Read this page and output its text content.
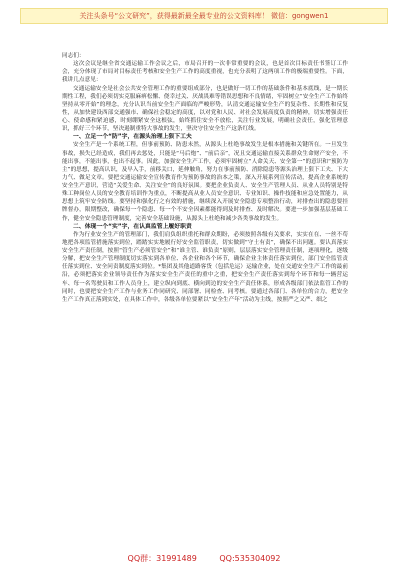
关注头条号“公文研究”，获得最新最全最专业的公文资料库！ 微信：gongwen1

同志们：

这次会议是继全省交通运输工作会议之后，市局召开的一次非常重要的会议，也是首次目标责任书签订工作会，充分体现了市局对目标责任考核和安全生产工作的高度重视，也充分表明了这两项工作的极端重要性。下面，我讲几点意见：

交通运输安全是社会公共安全管理工作的重要组成部分，也是做好一切工作的基础条件和基本底线，是一期长期性工程，我们必须切实克服麻痹松懈、侥幸过关、厌战畏难等错误思想和不良情绪，牢固树立“安全生产工作始终坚持从零开始”的理念，充分认识当前安全生产面临的严峻形势，认清交通运输安全生产的复杂性、长期性和反复性，从加快建设西部交通强市、确保社会稳定的高度，以对党和人民、对社会发展高度负责的精神，切实增强责任心、使命感和紧迫感，时刻绷紧安全这根弦，始终抓住安全不放松，关注行业发展，明确社会责任，强化管理意识，抓好三个环节，坚决遏制重特大事故的发生，坚决守住安全生产这条红线。

一、立足一个“防”字，在源头治理上狠下工夫

安全生产是一个系统工程，但事前预防、防患未然，从源头上杜绝事故发生是根本措施和关键所在。一旦发生事故，损失已经造成，我们再去惩处，只能是“马后炮”、“前后亲”，况且交通运输直接关系群众生命财产安全，不能出事，不能出事，也出不起事。因此，加强安全生产工作，必须牢固树立“人命关天、安全第一”的意识和“预防为主”的思想，提高认识，及早入手，前移关口，延伸触角，努力在事前预防、消除隐患等源头治理上狠下工夫、下大力气、做足文章。要把交通运输安全宣传教育作为预防事故的治本之策，深入开展系列宣传活动，提高企业系统的安全生产意识，营造“关爱生命、关注安全”的良好氛围。要把企业负责人、安全生产管理人员、从业人员特别是特殊工种岗位人员的安全教育培训作为重点，不断提高从业人员安全意识、专业知识、操作技能和应急处置能力，从思想上筑牢安全防线。要坚持和强化行之有效的措施，继续深入开展安全隐患专项整治行动，对排查出的隐患要挂牌督办，限期整改，确保每一个隐患、每一个不安全因素都能得到及时排查、及时解决。要进一步加强基层基础工作，健全安全隐患管理制度，完善安全基础设施，从源头上杜绝和减少各类事故的发生。

二、体现一个“实”字，在认真监管上履好职责

作为行业安全生产的管理部门，我们肩负组织重托和群众期盼，必须按照各级有关要求，实实在在、一丝不苟地把各项监管措施落实到位，踏踏实实地履行好安全监管职责，切实做到“守土有责”，确保不出问题。要认真落实安全生产责任制，按照“管生产必须管安全”和“谁主管、谁负责”原则，层层落实安全管理责任制，逐项理化，逐级分解，把安全生产管理制度切实落实到各单位、各企业和各个环节，确保企业主体责任落实到位，部门安全监管责任落实到位、安全问责制度落实到位。*集团及其他道路客货（包括危运）运输企业，处在交通安全生产工作的最前沿，必须把落实企业领导责任作为落实安全生产责任的重中之重，把安全生产责任落实到每个环节和每一辆营运车、每一名驾驶员和工作人员身上，建立纵向到底、横向到边的安全生产责任体系，形成各级部门依法监管工作的同时，也要把安全生产工作与业务工作同研究、同部署、同检查、同考核。要通过各部门、各单位的合力，把安全生产工作真正落到实处，在具体工作中，各级各单位要紧以“安全生产年”活动为主线，按照严之又严、细之

QQ群：31991489	QQ:535304092
